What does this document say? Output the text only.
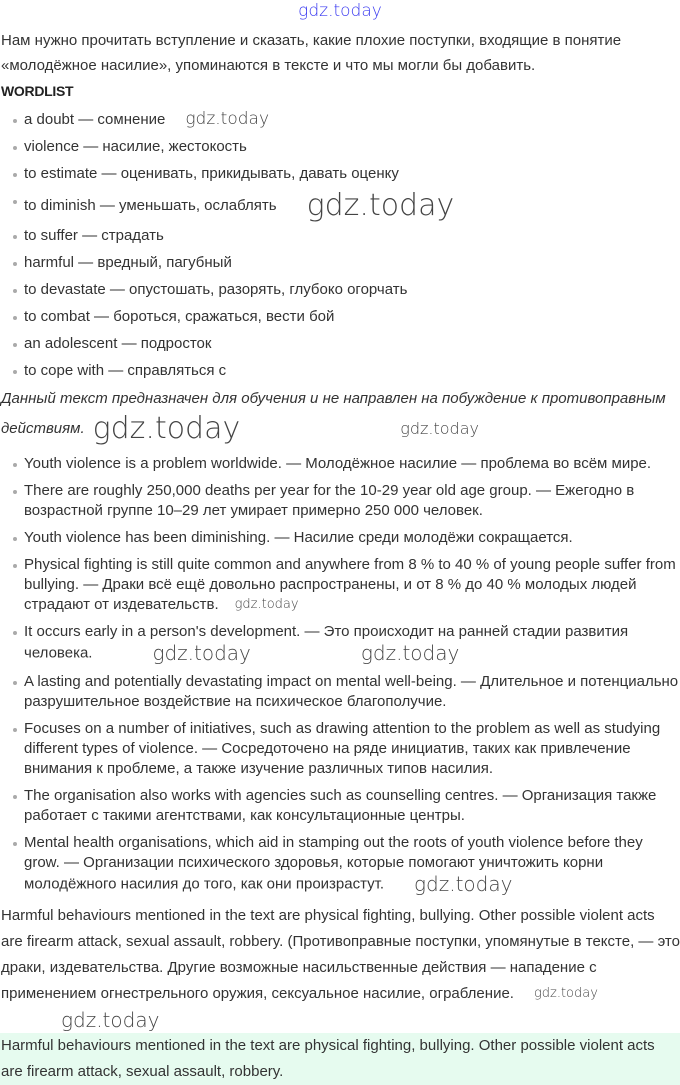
gdz.today
Нам нужно прочитать вступление и сказать, какие плохие поступки, входящие в понятие «молодёжное насилие», упоминаются в тексте и что мы могли бы добавить.
WORDLIST
a doubt — сомнение gdz.today
violence — насилие, жестокость
to estimate — оценивать, прикидывать, давать оценку
to diminish — уменьшать, ослаблять gdz.today
to suffer — страдать
harmful — вредный, пагубный
to devastate — опустошать, разорять, глубоко огорчать
to combat — бороться, сражаться, вести бой
an adolescent — подросток
to cope with — справляться с
Данный текст предназначен для обучения и не направлен на побуждение к противоправным действиям. gdz.today	gdz.today
Youth violence is a problem worldwide. — Молодёжное насилие — проблема во всём мире.
There are roughly 250,000 deaths per year for the 10-29 year old age group. — Ежегодно в возрастной группе 10–29 лет умирает примерно 250 000 человек.
Youth violence has been diminishing. — Насилие среди молодёжи сокращается.
Physical fighting is still quite common and anywhere from 8 % to 40 % of young people suffer from bullying. — Драки всё ещё довольно распространены, и от 8 % до 40 % молодых людей страдают от издевательств. gdz.today
It occurs early in a person's development. — Это происходит на ранней стадии развития человека.	gdz.today	gdz.today
A lasting and potentially devastating impact on mental well-being. — Длительное и потенциально разрушительное воздействие на психическое благополучие.
Focuses on a number of initiatives, such as drawing attention to the problem as well as studying different types of violence. — Сосредоточено на ряде инициатив, таких как привлечение внимания к проблеме, а также изучение различных типов насилия.
The organisation also works with agencies such as counselling centres. — Организация также работает с такими агентствами, как консультационные центры.
Mental health organisations, which aid in stamping out the roots of youth violence before they grow. — Организации психического здоровья, которые помогают уничтожить корни молодёжного насилия до того, как они произрастут. gdz.today
Harmful behaviours mentioned in the text are physical fighting, bullying. Other possible violent acts are firearm attack, sexual assault, robbery. (Противоправные поступки, упомянутые в тексте, — это драки, издевательства. Другие возможные насильственные действия — нападение с применением огнестрельного оружия, сексуальное насилие, ограбление. gdz.todaygdz.today
Harmful behaviours mentioned in the text are physical fighting, bullying. Other possible violent acts are firearm attack, sexual assault, robbery.
